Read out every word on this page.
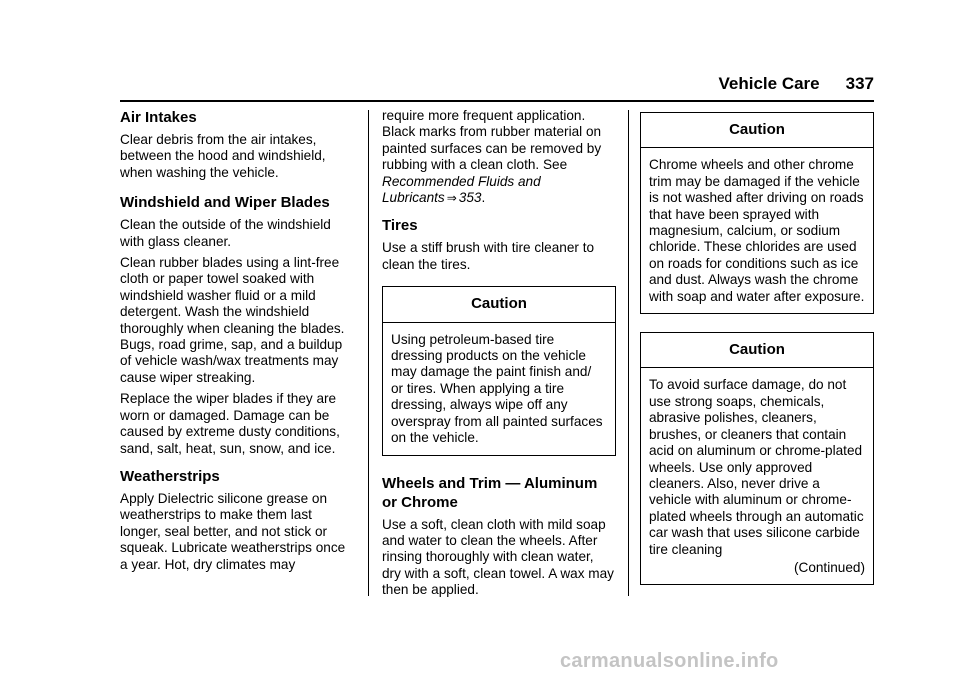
Vehicle Care 337
Air Intakes

Clear debris from the air intakes, between the hood and windshield, when washing the vehicle.

Windshield and Wiper Blades

Clean the outside of the windshield with glass cleaner.

Clean rubber blades using a lint-free cloth or paper towel soaked with windshield washer fluid or a mild detergent. Wash the windshield thoroughly when cleaning the blades. Bugs, road grime, sap, and a buildup of vehicle wash/wax treatments may cause wiper streaking.

Replace the wiper blades if they are worn or damaged. Damage can be caused by extreme dusty conditions, sand, salt, heat, sun, snow, and ice.

Weatherstrips

Apply Dielectric silicone grease on weatherstrips to make them last longer, seal better, and not stick or squeak. Lubricate weatherstrips once a year. Hot, dry climates may

require more frequent application. Black marks from rubber material on painted surfaces can be removed by rubbing with a clean cloth. See Recommended Fluids and Lubricants ⇒ 353.

Tires

Use a stiff brush with tire cleaner to clean the tires.

Caution
Using petroleum-based tire dressing products on the vehicle may damage the paint finish and/ or tires. When applying a tire dressing, always wipe off any overspray from all painted surfaces on the vehicle.
Wheels and Trim — Aluminum or Chrome

Use a soft, clean cloth with mild soap and water to clean the wheels. After rinsing thoroughly with clean water, dry with a soft, clean towel. A wax may then be applied.

Caution
Chrome wheels and other chrome trim may be damaged if the vehicle is not washed after driving on roads that have been sprayed with magnesium, calcium, or sodium chloride. These chlorides are used on roads for conditions such as ice and dust. Always wash the chrome with soap and water after exposure.
Caution
To avoid surface damage, do not use strong soaps, chemicals, abrasive polishes, cleaners, brushes, or cleaners that contain acid on aluminum or chrome-plated wheels. Use only approved cleaners. Also, never drive a vehicle with aluminum or chrome-plated wheels through an automatic car wash that uses silicone carbide tire cleaning
(Continued)
carmanualsonline.info
